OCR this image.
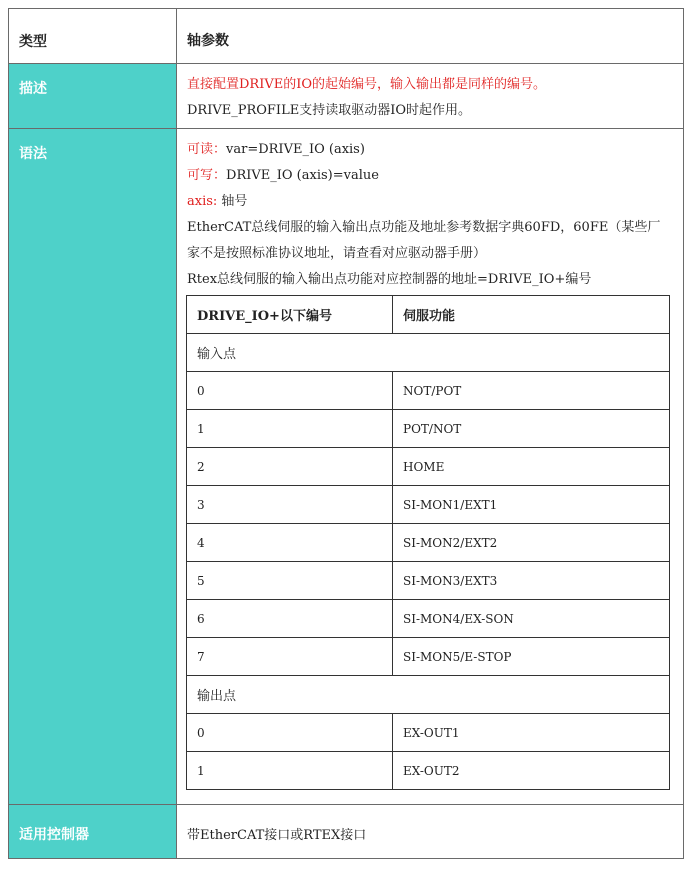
类型	轴参数
描述	直接配置DRIVE的IO的起始编号，输入输出都是同样的编号。
DRIVE_PROFILE支持读取驱动器IO时起作用。

语法	可读：var=DRIVE_IO (axis)
可写：DRIVE_IO (axis)=value
axis: 轴号
EtherCAT总线伺服的输入输出点功能及地址参考数据字典60FD，60FE（某些厂家不是按照标准协议地址，请查看对应驱动器手册）
Rtex总线伺服的输入输出点功能对应控制器的地址=DRIVE_IO+编号
DRIVE_IO+以下编号	伺服功能
输入点
0	NOT/POT
1	POT/NOT
2	HOME
3	SI-MON1/EXT1
4	SI-MON2/EXT2
5	SI-MON3/EXT3
6	SI-MON4/EX-SON
7	SI-MON5/E-STOP
输出点
0	EX-OUT1
1	EX-OUT2

适用控制器	带EtherCAT接口或RTEX接口
